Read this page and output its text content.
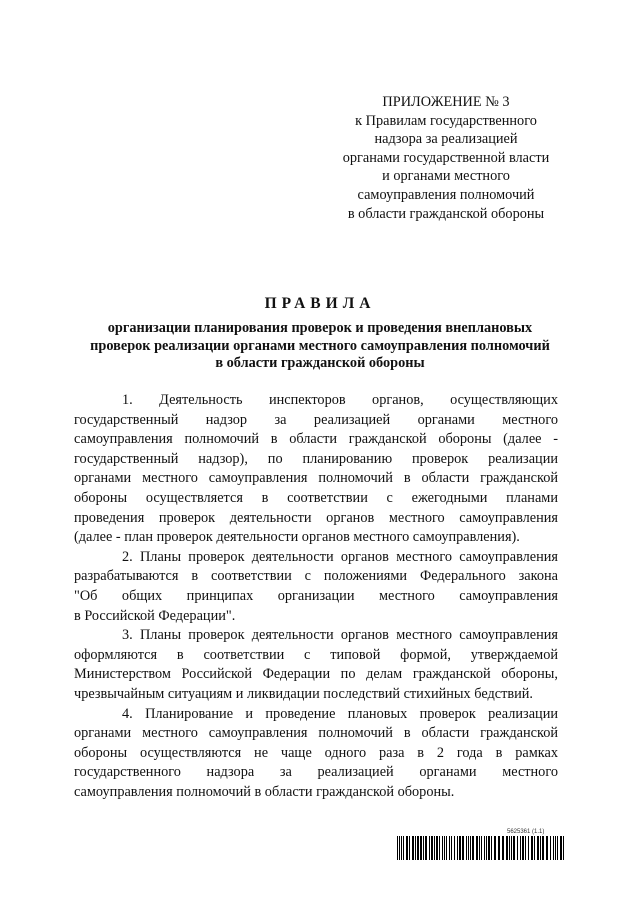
ПРИЛОЖЕНИЕ № 3
к Правилам государственного
надзора за реализацией
органами государственной власти
и органами местного
самоуправления полномочий
в области гражданской обороны
ПРАВИЛА
организации планирования проверок и проведения внеплановых
проверок реализации органами местного самоуправления полномочий
в области гражданской обороны
1. Деятельность инспекторов органов, осуществляющих
государственный надзор за реализацией органами местного
самоуправления полномочий в области гражданской обороны (далее -
государственный надзор), по планированию проверок реализации
органами местного самоуправления полномочий в области гражданской
обороны осуществляется в соответствии с ежегодными планами
проведения проверок деятельности органов местного самоуправления
(далее - план проверок деятельности органов местного самоуправления).
2. Планы проверок деятельности органов местного самоуправления
разрабатываются в соответствии с положениями Федерального закона
"Об общих принципах организации местного самоуправления
в Российской Федерации".
3. Планы проверок деятельности органов местного самоуправления
оформляются в соответствии с типовой формой, утверждаемой
Министерством Российской Федерации по делам гражданской обороны,
чрезвычайным ситуациям и ликвидации последствий стихийных бедствий.
4. Планирование и проведение плановых проверок реализации
органами местного самоуправления полномочий в области гражданской
обороны осуществляются не чаще одного раза в 2 года в рамках
государственного надзора за реализацией органами местного
самоуправления полномочий в области гражданской обороны.
5625361 (1.1)
